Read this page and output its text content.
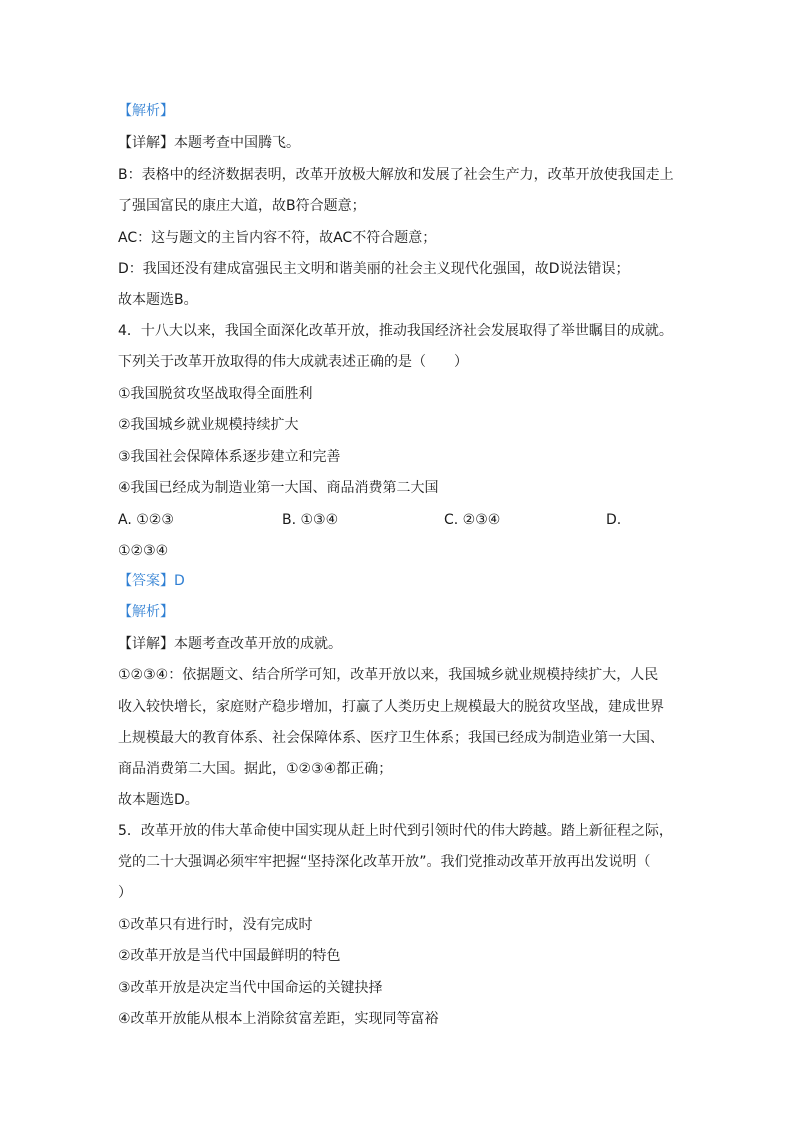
【解析】
【详解】本题考查中国腾飞。
B：表格中的经济数据表明，改革开放极大解放和发展了社会生产力，改革开放使我国走上
了强国富民的康庄大道，故B符合题意；
AC：这与题文的主旨内容不符，故AC不符合题意；
D：我国还没有建成富强民主文明和谐美丽的社会主义现代化强国，故D说法错误；
故本题选B。
4．十八大以来，我国全面深化改革开放，推动我国经济社会发展取得了举世瞩目的成就。
下列关于改革开放取得的伟大成就表述正确的是（　　）
①我国脱贫攻坚战取得全面胜利
②我国城乡就业规模持续扩大
③我国社会保障体系逐步建立和完善
④我国已经成为制造业第一大国、商品消费第二大国
A. ①②③	B. ①③④	C. ②③④	D.
①②③④
【答案】D
【解析】
【详解】本题考查改革开放的成就。
①②③④：依据题文、结合所学可知，改革开放以来，我国城乡就业规模持续扩大，人民
收入较快增长，家庭财产稳步增加，打赢了人类历史上规模最大的脱贫攻坚战，建成世界
上规模最大的教育体系、社会保障体系、医疗卫生体系；我国已经成为制造业第一大国、
商品消费第二大国。据此，①②③④都正确；
故本题选D。
5．改革开放的伟大革命使中国实现从赶上时代到引领时代的伟大跨越。踏上新征程之际，
党的二十大强调必须牢牢把握“坚持深化改革开放”。我们党推动改革开放再出发说明（
）
①改革只有进行时，没有完成时
②改革开放是当代中国最鲜明的特色
③改革开放是决定当代中国命运的关键抉择
④改革开放能从根本上消除贫富差距，实现同等富裕
